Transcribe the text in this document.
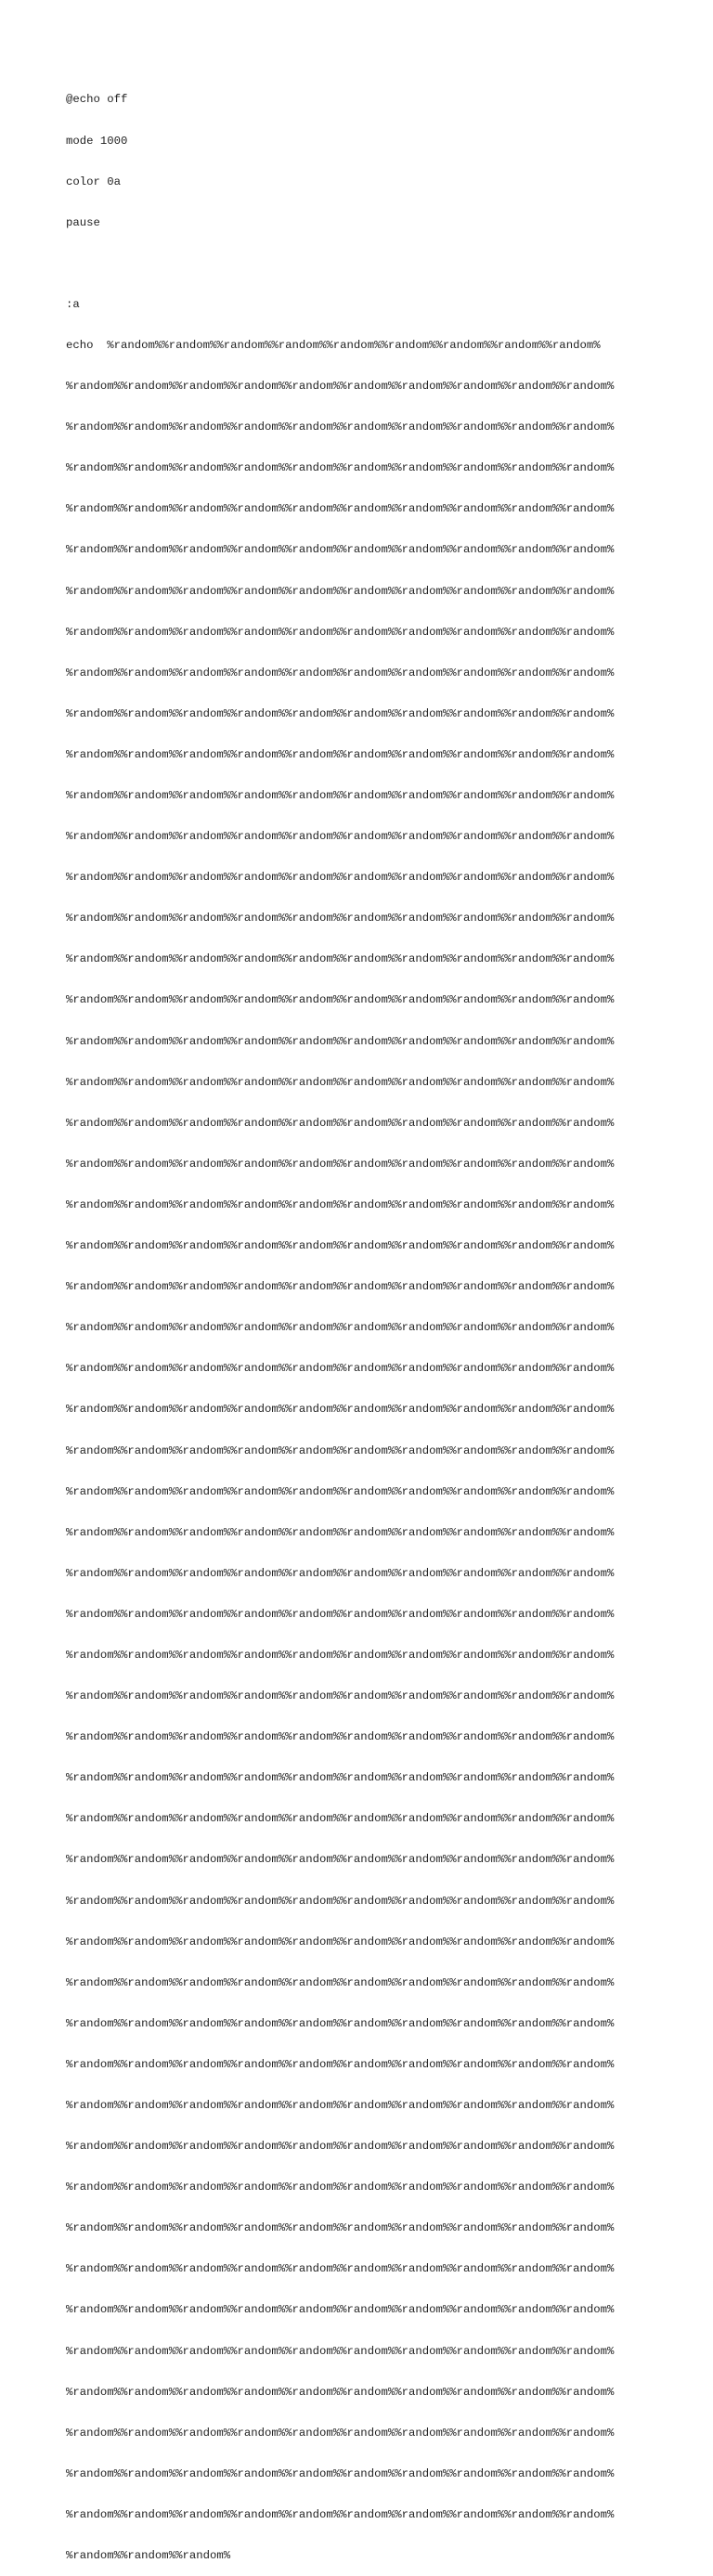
@echo off

mode 1000

color 0a

pause

:a

echo  %random%%random%%random%%random%%random%%random%%random%%random%%random%

%random%%random%%random%%random%%random%%random%%random%%random%%random%%random%

%random%%random%%random%%random%%random%%random%%random%%random%%random%%random%

%random%%random%%random%%random%%random%%random%%random%%random%%random%%random%

%random%%random%%random%%random%%random%%random%%random%%random%%random%%random%

%random%%random%%random%%random%%random%%random%%random%%random%%random%%random%

%random%%random%%random%%random%%random%%random%%random%%random%%random%%random%

%random%%random%%random%%random%%random%%random%%random%%random%%random%%random%

%random%%random%%random%%random%%random%%random%%random%%random%%random%%random%

%random%%random%%random%%random%%random%%random%%random%%random%%random%%random%

%random%%random%%random%%random%%random%%random%%random%%random%%random%%random%

%random%%random%%random%%random%%random%%random%%random%%random%%random%%random%

%random%%random%%random%%random%%random%%random%%random%%random%%random%%random%

%random%%random%%random%%random%%random%%random%%random%%random%%random%%random%

%random%%random%%random%%random%%random%%random%%random%%random%%random%%random%

%random%%random%%random%%random%%random%%random%%random%%random%%random%%random%

%random%%random%%random%%random%%random%%random%%random%%random%%random%%random%

%random%%random%%random%%random%%random%%random%%random%%random%%random%%random%

%random%%random%%random%%random%%random%%random%%random%%random%%random%%random%

%random%%random%%random%%random%%random%%random%%random%%random%%random%%random%

%random%%random%%random%%random%%random%%random%%random%%random%%random%%random%

%random%%random%%random%%random%%random%%random%%random%%random%%random%%random%

%random%%random%%random%%random%%random%%random%%random%%random%%random%%random%

%random%%random%%random%%random%%random%%random%%random%%random%%random%%random%

%random%%random%%random%%random%%random%%random%%random%%random%%random%%random%

%random%%random%%random%%random%%random%%random%%random%%random%%random%%random%

%random%%random%%random%%random%%random%%random%%random%%random%%random%%random%

%random%%random%%random%%random%%random%%random%%random%%random%%random%%random%

%random%%random%%random%%random%%random%%random%%random%%random%%random%%random%

%random%%random%%random%%random%%random%%random%%random%%random%%random%%random%

%random%%random%%random%%random%%random%%random%%random%%random%%random%%random%

%random%%random%%random%%random%%random%%random%%random%%random%%random%%random%

%random%%random%%random%%random%%random%%random%%random%%random%%random%%random%

%random%%random%%random%%random%%random%%random%%random%%random%%random%%random%

%random%%random%%random%%random%%random%%random%%random%%random%%random%%random%

%random%%random%%random%%random%%random%%random%%random%%random%%random%%random%

%random%%random%%random%%random%%random%%random%%random%%random%%random%%random%

%random%%random%%random%%random%%random%%random%%random%%random%%random%%random%

%random%%random%%random%%random%%random%%random%%random%%random%%random%%random%

%random%%random%%random%%random%%random%%random%%random%%random%%random%%random%

%random%%random%%random%%random%%random%%random%%random%%random%%random%%random%

%random%%random%%random%%random%%random%%random%%random%%random%%random%%random%

%random%%random%%random%%random%%random%%random%%random%%random%%random%%random%

%random%%random%%random%%random%%random%%random%%random%%random%%random%%random%

%random%%random%%random%%random%%random%%random%%random%%random%%random%%random%

%random%%random%%random%%random%%random%%random%%random%%random%%random%%random%

%random%%random%%random%%random%%random%%random%%random%%random%%random%%random%

%random%%random%%random%%random%%random%%random%%random%%random%%random%%random%

%random%%random%%random%%random%%random%%random%%random%%random%%random%%random%

%random%%random%%random%%random%%random%%random%%random%%random%%random%%random%

%random%%random%%random%%random%%random%%random%%random%%random%%random%%random%

%random%%random%%random%%random%%random%%random%%random%%random%%random%%random%

%random%%random%%random%%random%%random%%random%%random%%random%%random%%random%

%random%%random%%random%%random%%random%%random%%random%%random%%random%%random%

%random%%random%%random%
